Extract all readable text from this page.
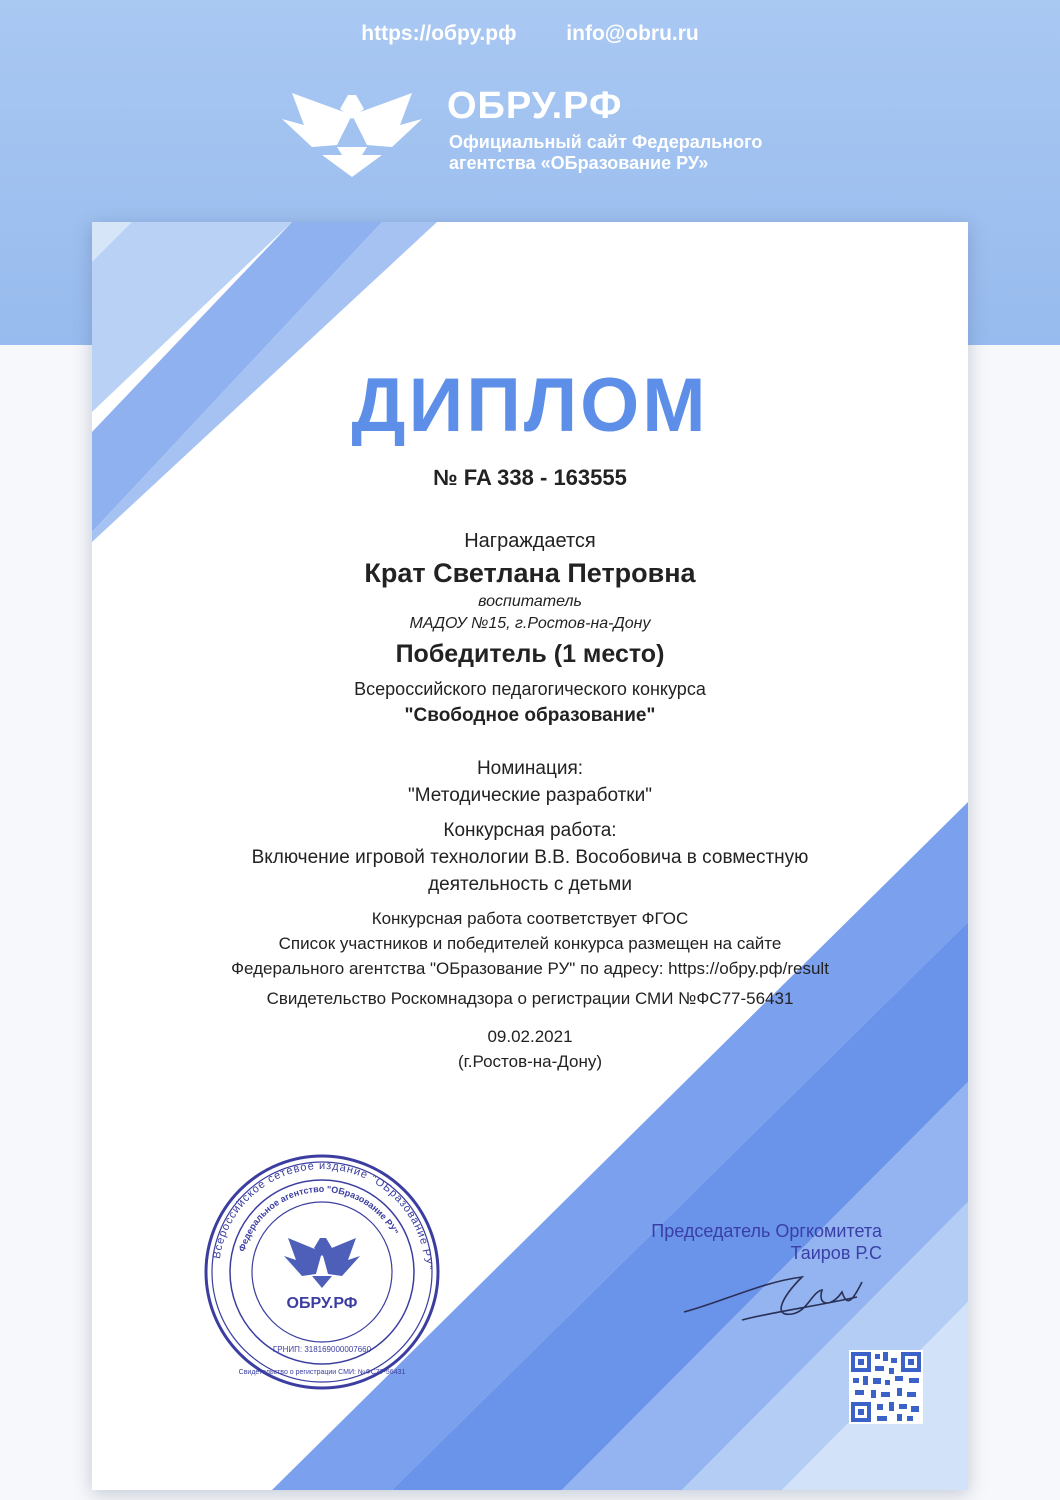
https://обру.рф info@obru.ru
ОБРУ.РФ
Официальный сайт Федерального
агентства «ОБразование РУ»
ДИПЛОМ
№ FA 338 - 163555
Награждается
Крат Светлана Петровна
воспитатель
МАДОУ №15, г.Ростов-на-Дону
Победитель (1 место)
Всероссийского педагогического конкурса
"Свободное образование"
Номинация:
"Методические разработки"
Конкурсная работа:
Включение игровой технологии В.В. Вособовича в совместную
деятельность с детьми
Конкурсная работа соответствует ФГОС
Список участников и победителей конкурса размещен на сайте
Федерального агентства "ОБразование РУ" по адресу: https://обру.рф/result
Свидетельство Роскомнадзора о регистрации СМИ №ФС77-56431
09.02.2021
(г.Ростов-на-Дону)
Всероссийское сетевое издание "ОБразование РУ"
Федеральное агентство "ОБразование РУ"
ОБРУ.РФ
ГРНИП: 318169000007660
Свидетельство о регистрации СМИ: №ФС77-56431
Председатель Оргкомитета
Таиров Р.С
